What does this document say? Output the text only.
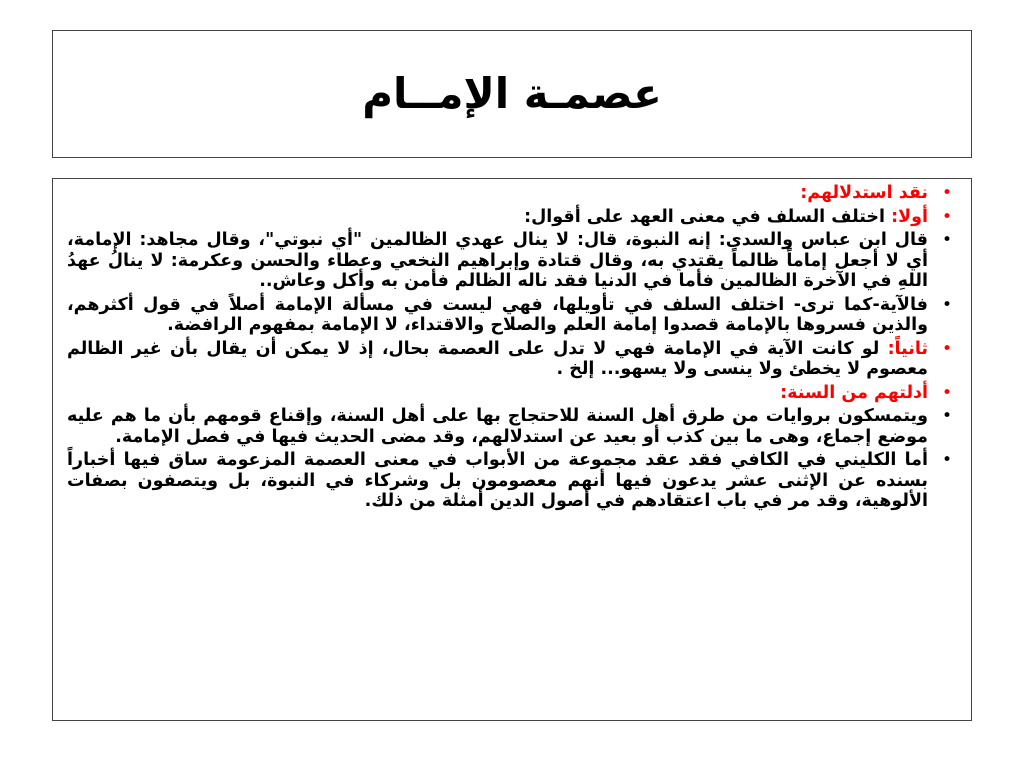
عصمـة الإمــام
•
نقد استدلالهم:
•
أولا: اختلف السلف في معنى العهد على أقوال:
•
قال ابن عباس والسدى: إنه النبوة، قال: لا ينال عهدي الظالمين "أي نبوتي"، وقال مجاهد: الإمامة، أي لا أجعل إماماً ظالماً يقتدي به، وقال قتادة وإبراهيم النخعي وعطاء والحسن وعكرمة: لا ينالُ عهدُ اللهِ في الآخرة الظالمين فأما في الدنيا فقد ناله الظالم فأمن به وأكل وعاش..
•
فالآية-كما ترى- اختلف السلف في تأويلها، فهي ليست في مسألة الإمامة أصلاً في قول أكثرهم، والذين فسروها بالإمامة قصدوا إمامة العلم والصلاح والاقتداء، لا الإمامة بمفهوم الرافضة.
•
ثانياً: لو كانت الآية في الإمامة فهي لا تدل على العصمة بحال، إذ لا يمكن أن يقال بأن غير الظالم معصوم لا يخطئ ولا ينسى ولا يسهو... إلخ .
•
أدلتهم من السنة:
•
ويتمسكون بروايات من طرق أهل السنة للاحتجاج بها على أهل السنة، وإقناع قومهم بأن ما هم عليه موضع إجماع، وهى ما بين كذب أو بعيد عن استدلالهم، وقد مضى الحديث فيها في فصل الإمامة.
•
أما الكليني في الكافي فقد عقد مجموعة من الأبواب في معنى العصمة المزعومة ساق فيها أخباراً بسنده عن الإثنى عشر يدعون فيها أنهم معصومون بل وشركاء في النبوة، بل ويتصفون بصفات الألوهية، وقد مر في باب اعتقادهم في أصول الدين أمثلة من ذلك.
